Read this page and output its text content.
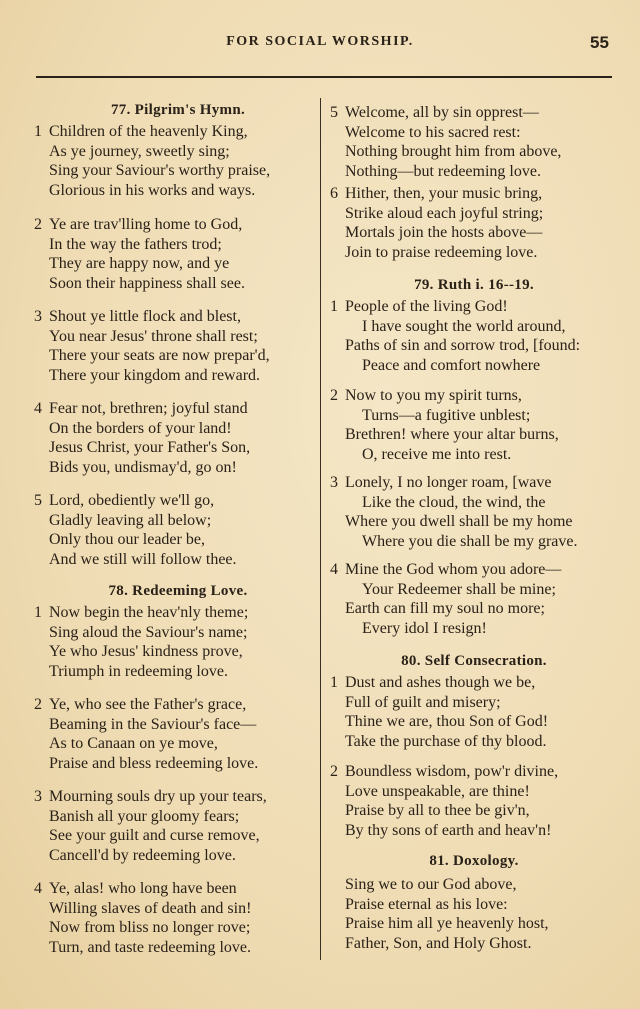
FOR SOCIAL WORSHIP.	55
77. Pilgrim's Hymn.
1 Children of the heavenly King,
As ye journey, sweetly sing;
Sing your Saviour's worthy praise,
Glorious in his works and ways.
2 Ye are trav'lling home to God,
In the way the fathers trod;
They are happy now, and ye
Soon their happiness shall see.
3 Shout ye little flock and blest,
You near Jesus' throne shall rest;
There your seats are now prepar'd,
There your kingdom and reward.
4 Fear not, brethren; joyful stand
On the borders of your land!
Jesus Christ, your Father's Son,
Bids you, undismay'd, go on!
5 Lord, obediently we'll go,
Gladly leaving all below;
Only thou our leader be,
And we still will follow thee.
78. Redeeming Love.
1 Now begin the heav'nly theme;
Sing aloud the Saviour's name;
Ye who Jesus' kindness prove,
Triumph in redeeming love.
2 Ye, who see the Father's grace,
Beaming in the Saviour's face—
As to Canaan on ye move,
Praise and bless redeeming love.
3 Mourning souls dry up your tears,
Banish all your gloomy fears;
See your guilt and curse remove,
Cancell'd by redeeming love.
4 Ye, alas! who long have been
Willing slaves of death and sin!
Now from bliss no longer rove;
Turn, and taste redeeming love.
5 Welcome, all by sin opprest—
Welcome to his sacred rest:
Nothing brought him from above,
Nothing—but redeeming love.
6 Hither, then, your music bring,
Strike aloud each joyful string;
Mortals join the hosts above—
Join to praise redeeming love.
79. Ruth i. 16--19.
1 People of the living God!
I have sought the world around,
Paths of sin and sorrow trod, [found:
Peace and comfort nowhere
2 Now to you my spirit turns,
Turns—a fugitive unblest;
Brethren! where your altar burns,
O, receive me into rest.
3 Lonely, I no longer roam, [wave
Like the cloud, the wind, the
Where you dwell shall be my home
Where you die shall be my grave.
4 Mine the God whom you adore—
Your Redeemer shall be mine;
Earth can fill my soul no more;
Every idol I resign!
80. Self Consecration.
1 Dust and ashes though we be,
Full of guilt and misery;
Thine we are, thou Son of God!
Take the purchase of thy blood.
2 Boundless wisdom, pow'r divine,
Love unspeakable, are thine!
Praise by all to thee be giv'n,
By thy sons of earth and heav'n!
81. Doxology.
Sing we to our God above,
Praise eternal as his love:
Praise him all ye heavenly host,
Father, Son, and Holy Ghost.
